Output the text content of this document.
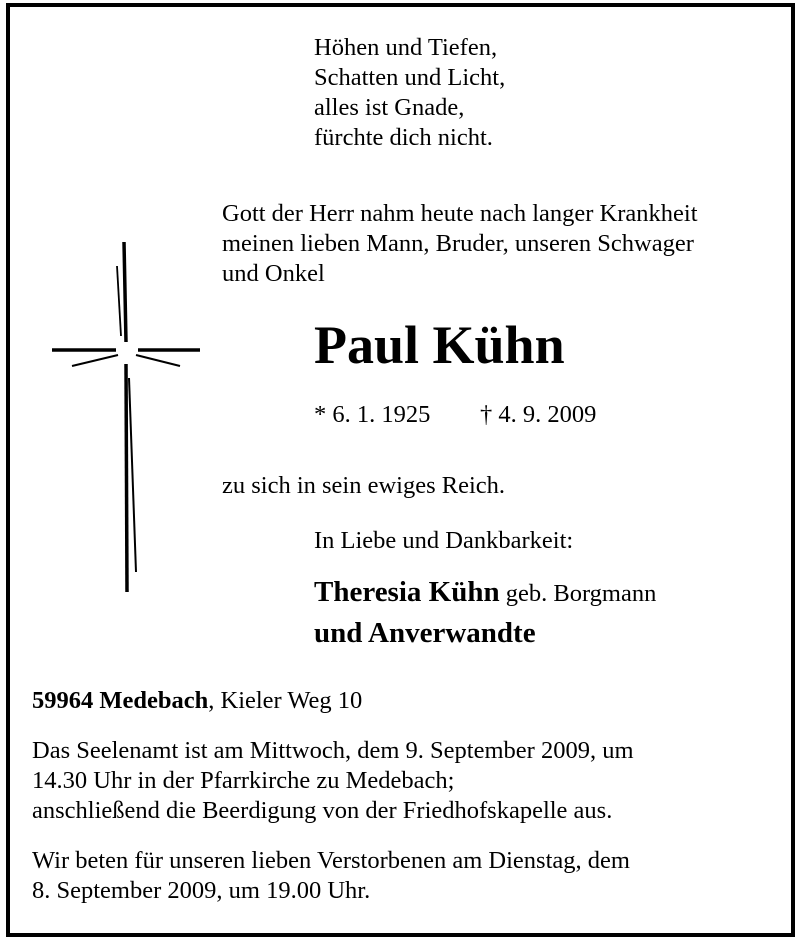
Höhen und Tiefen,
Schatten und Licht,
alles ist Gnade,
fürchte dich nicht.
Gott der Herr nahm heute nach langer Krankheit
meinen lieben Mann, Bruder, unseren Schwager
und Onkel
Paul Kühn
* 6. 1. 1925 † 4. 9. 2009
zu sich in sein ewiges Reich.
In Liebe und Dankbarkeit:
Theresia Kühn geb. Borgmann
und Anverwandte
59964 Medebach, Kieler Weg 10
Das Seelenamt ist am Mittwoch, dem 9. September 2009, um
14.30 Uhr in der Pfarrkirche zu Medebach;
anschließend die Beerdigung von der Friedhofskapelle aus.
Wir beten für unseren lieben Verstorbenen am Dienstag, dem
8. September 2009, um 19.00 Uhr.
